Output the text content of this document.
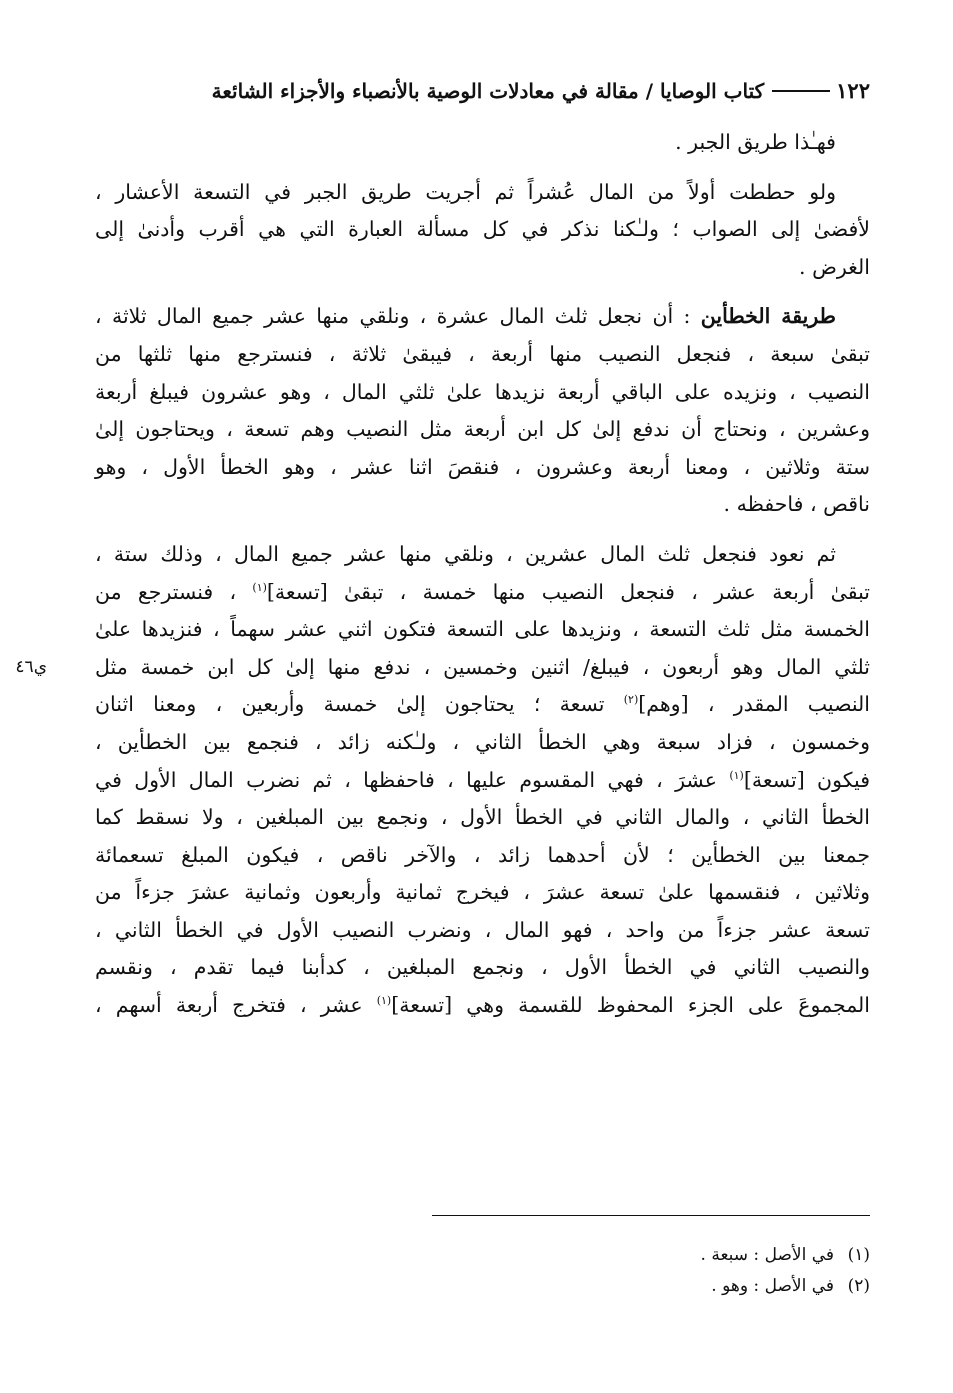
١٢٢
كتاب الوصايا / مقالة في معادلات الوصية بالأنصباء والأجزاء الشائعة
فهـٰذا طريق الجبر .
ولو حططت أولاً من المال عُشراً ثم أجريت طريق الجبر في التسعة الأعشار ،
لأفضىٰ إلى الصواب ؛ ولـٰكنا نذكر في كل مسألة العبارة التي هي أقرب وأدنىٰ إلى
الغرض .
طريقة الخطأين : أن نجعل ثلث المال عشرة ، ونلقي منها عشر جميع المال ثلاثة ،
تبقىٰ سبعة ، فنجعل النصيب منها أربعة ، فيبقىٰ ثلاثة ، فنسترجع منها ثلثها من
النصيب ، ونزيده على الباقي أربعة نزيدها علىٰ ثلثي المال ، وهو عشرون فيبلغ أربعة
وعشرين ، ونحتاج أن ندفع إلىٰ كل ابن أربعة مثل النصيب وهم تسعة ، ويحتاجون إلىٰ
ستة وثلاثين ، ومعنا أربعة وعشرون ، فنقصَ اثنا عشر ، وهو الخطأ الأول ، وهو
ناقص ، فاحفظه .
ثم نعود فنجعل ثلث المال عشرين ، ونلقي منها عشر جميع المال ، وذلك ستة ،
تبقىٰ أربعة عشر ، فنجعل النصيب منها خمسة ، تبقىٰ [تسعة]$^{(١)}$ ، فنسترجع من
الخمسة مثل ثلث التسعة ، ونزيدها على التسعة فتكون اثني عشر سهماً ، فنزيدها علىٰ
ثلثي المال وهو أربعون ، فيبلغ/ اثنين وخمسين ، ندفع منها إلىٰ كل ابن خمسة مثل
ي٤٦
النصيب المقدر ، [وهم]$^{(٢)}$ تسعة ؛ يحتاجون إلىٰ خمسة وأربعين ، ومعنا اثنان
وخمسون ، فزاد سبعة وهي الخطأ الثاني ، ولـٰكنه زائد ، فنجمع بين الخطأين ،
فيكون [تسعة]$^{(١)}$ عشرَ ، فهي المقسوم عليها ، فاحفظها ، ثم نضرب المال الأول في
الخطأ الثاني ، والمال الثاني في الخطأ الأول ، ونجمع بين المبلغين ، ولا نسقط كما
جمعنا بين الخطأين ؛ لأن أحدهما زائد ، والآخر ناقص ، فيكون المبلغ تسعمائة
وثلاثين ، فنقسمها علىٰ تسعة عشرَ ، فيخرج ثمانية وأربعون وثمانية عشرَ جزءاً من
تسعة عشر جزءاً من واحد ، فهو المال ، ونضرب النصيب الأول في الخطأ الثاني ،
والنصيب الثاني في الخطأ الأول ، ونجمع المبلغين ، كدأبنا فيما تقدم ، ونقسم
المجموعَ على الجزء المحفوظ للقسمة وهي [تسعة]$^{(١)}$ عشر ، فتخرج أربعة أسهم ،
(١)في الأصل : سبعة .
(٢)في الأصل : وهو .
